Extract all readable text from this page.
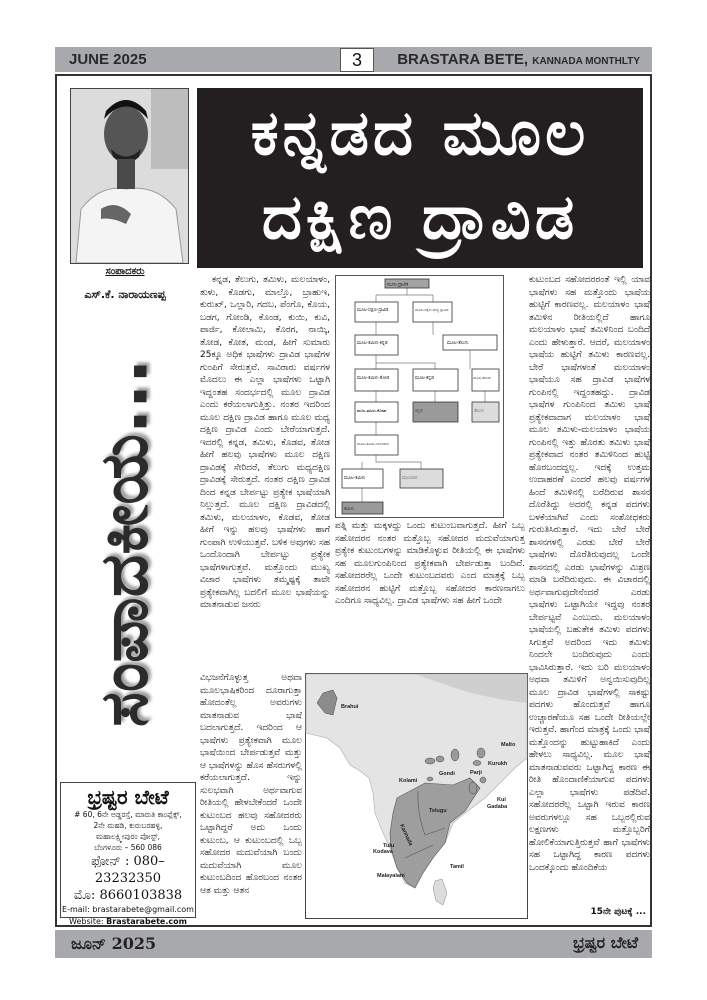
JUNE 2025	3	BRASTARA BETE, KANNADA MONTHLTY
ಕನ್ನಡದ ಮೂಲ
ದಕ್ಷಿಣ ದ್ರಾವಿಡ
ಸಂಪಾದಕರು
ಎಸ್.ಕೆ. ನಾರಾಯಣಪ್ಪ
ಸಂಪಾದಕೀಯ...
ಭ್ರಷ್ಟರ ಬೇಟೆ
# 60, 6ನೇ ಅಡ್ಡರಸ್ತೆ, ಮಾರುತಿ ಕಾಂಪ್ಲೆಕ್ಸ್,
2ನೇ ಮಹಡಿ, ಕುರುಬರಹಳ್ಳಿ,
ಮಹಾಲಕ್ಷ್ಮೀಪುರಂ ಪೋಸ್ಟ್,
ಬೆಂಗಳೂರು – 560 086
ಫೋನ್ : 080–23232350
ಮೊ: 8660103838
E-mail: brastarabete@gmail.com
Website: Brastarabete.com

ಕನ್ನಡ, ತೆಲುಗು, ತಮಿಳು, ಮಲಯಾಳಂ, ತುಳು, ಕೊಡಗು, ಮಾಲ್ತೊ, ಬ್ರಾಹುಇ, ಕುರುಖ್, ಒಲ್ಲಾರಿ, ಗದಬ, ಪೆಂಗೊ, ಕೊಯ, ಬಡಗ, ಗೋಂಡಿ, ಕೊಂಡ, ಕುಯಿ, ಕುವಿ, ಪಾರ್ಜಿ, ಕೋಲಾಮಿ, ಕೊರಗ, ನಾಯ್ಕಿ, ತೋಡ, ಕೋತ, ಮಂಡ, ಹೀಗೆ ಸುಮಾರು 25ಕ್ಕೂ ಅಧಿಕ ಭಾಷೆಗಳು ದ್ರಾವಿಡ ಭಾಷೆಗಳ ಗುಂಪಿಗೆ ಸೇರುತ್ತವೆ. ಸಾವಿರಾರು ವರ್ಷಗಳ ಮೊದಲು ಈ ಎಲ್ಲಾ ಭಾಷೆಗಳು ಒಟ್ಟಾಗಿ ಇದ್ದಂತಹ ಸಂದರ್ಭದಲ್ಲಿ ಮೂಲ ದ್ರಾವಿಡ ಎಂದು ಕರೆಯಲಾಗುತ್ತಿತ್ತು. ನಂತರ ಇದರಿಂದ ಮೂಲ ದಕ್ಷಿಣ ದ್ರಾವಿಡ ಹಾಗೂ ಮೂಲ ಮಧ್ಯ ದಕ್ಷಿಣ ದ್ರಾವಿಡ ಎಂದು ಬೇರೆಯಾಗುತ್ತದೆ. ಇದರಲ್ಲಿ ಕನ್ನಡ, ತಮಿಳು, ಕೊಡವ, ತೋಡ ಹೀಗೆ ಹಲವು ಭಾಷೆಗಳು ಮೂಲ ದಕ್ಷಿಣ ದ್ರಾವಿಡಕ್ಕೆ ಸೇರಿದರೆ, ತೆಲುಗು ಮಧ್ಯದಕ್ಷಿಣ ದ್ರಾವಿಡಕ್ಕೆ ಸೇರುತ್ತದೆ. ನಂತರ ದಕ್ಷಿಣ ದ್ರಾವಿಡ ದಿಂದ ಕನ್ನಡ ಬೇರ್ಪಟ್ಟು ಪ್ರತ್ಯೇಕ ಭಾಷೆಯಾಗಿ ನಿಲ್ಲುತ್ತದೆ. ಮೂಲ ದಕ್ಷಿಣ ದ್ರಾವಿಡದಲ್ಲಿ ತಮಿಳು, ಮಲಯಾಳಂ, ಕೊಡವ, ತೋಡ ಹೀಗೆ ಇನ್ನು ಹಲವು ಭಾಷೆಗಳು ಹಾಗೆ ಗುಂಪಾಗಿ ಉಳಿಯುತ್ತವೆ. ಬಳಿಕ ಅವುಗಳು ಸಹ ಒಂದೊಂದಾಗಿ ಬೇರ್ಪಟ್ಟು ಪ್ರತ್ಯೇಕ ಭಾಷೆಗಳಾಗುತ್ತವೆ. ಮತ್ತೊಂದು ಮುಖ್ಯ ವಿಚಾರ ಭಾಷೆಗಳು ತಮ್ಮಷ್ಟಕ್ಕೆ ತಾವೇ ಪ್ರತ್ಯೇಕವಾಗಿಲ್ಲ ಬದಲಿಗೆ ಮೂಲ ಭಾಷೆಯನ್ನು ಮಾತನಾಡುವ ಜನರು

ವಿಭಜನೆಗೊಳ್ಳುತ್ತ ಅಥವಾ ಮೂಲಭಾಷಿಕರಿಂದ ದೂರಾಗುತ್ತಾ ಹೋದಂತೆಲ್ಲ ಅವರುಗಳು ಮಾತನಾಡುವ ಭಾಷೆ ಬದಲಾಗುತ್ತದೆ. ಇದರಿಂದ ಆ ಭಾಷೆಗಳು ಪ್ರತ್ಯೇಕವಾಗಿ ಮೂಲ ಭಾಷೆಯಿಂದ ಬೇರ್ಪಡುತ್ತವೆ ಮತ್ತು ಆ ಭಾಷೆಗಳನ್ನು ಹೊಸ ಹೆಸರುಗಳಲ್ಲಿ ಕರೆಯಲಾಗುತ್ತದೆ. ಇನ್ನು ಸುಲಭವಾಗಿ ಅರ್ಥವಾಗುವ ರೀತಿಯಲ್ಲಿ ಹೇಳಬೇಕೆಂದರೆ ಒಂದೇ ಕುಟುಂಬದ ಹಲವು ಸಹೋದರರು ಒಟ್ಟಾಗಿದ್ದರೆ ಅದು ಒಂದು ಕುಟುಂಬ, ಆ ಕುಟುಂಬದಲ್ಲಿ ಒಬ್ಬ ಸಹೋದರ ಮದುವೆಯಾಗಿ ಬಂದು ಮದುವೆಯಾಗಿ ಮೂಲ ಕುಟುಂಬದಿಂದ ಹೊರಬಂದ ನಂತರ ಆತ ಮತ್ತು ಆತನ

ಪತ್ನಿ ಮತ್ತು ಮಕ್ಕಳದ್ದು ಒಂದು ಕುಟುಂಬವಾಗುತ್ತದೆ. ಹೀಗೆ ಒಬ್ಬ ಸಹೋದರನ ನಂತರ ಮತ್ತೊಬ್ಬ ಸಹೋದರ ಮದುವೆಯಾಗುತ್ತ ಪ್ರತ್ಯೇಕ ಕುಟುಂಬಗಳನ್ನು ಮಾಡಿಕೊಳ್ಳುವ ರೀತಿಯಲ್ಲಿ ಈ ಭಾಷೆಗಳು ಸಹ ಮೂಲಗುಂಪಿನಿಂದ ಪ್ರತ್ಯೇಕವಾಗಿ ಬೇರ್ಪಡುತ್ತಾ ಬಂದಿವೆ. ಸಹೋದರರೆಲ್ಲ ಒಂದೇ ಕುಟುಂಬದವರು ಎಂದ ಮಾತ್ರಕ್ಕೆ ಒಬ್ಬ ಸಹೋದರನ ಹುಟ್ಟಿಗೆ ಮತ್ತೊಬ್ಬ ಸಹೋದರ ಕಾರಣನಾಗಲು ಎಂದಿಗೂ ಸಾಧ್ಯವಿಲ್ಲ. ದ್ರಾವಿಡ ಭಾಷೆಗಳು ಸಹ ಹೀಗೆ ಒಂದೇ

ಕುಟುಂಬದ ಸಹೋದರರಂತೆ ಇಲ್ಲಿ ಯಾವ ಭಾಷೆಗಳು ಸಹ ಮತ್ತೊಂದು ಭಾಷೆಯ ಹುಟ್ಟಿಗೆ ಕಾರಣವಲ್ಲ. ಮಲಯಾಳಂ ಭಾಷೆ ತಮಿಳಿನ ರೀತಿಯಲ್ಲಿದೆ ಹಾಗೂ ಮಲಯಾಳಂ ಭಾಷೆ ತಮಿಳಿನಿಂದ ಬಂದಿದೆ ಎಂದು ಹೇಳುತ್ತಾರೆ. ಆದರೆ, ಮಲಯಾಳಂ ಭಾಷೆಯ ಹುಟ್ಟಿಗೆ ತಮಿಳು ಕಾರಣವಲ್ಲ. ಬೇರೆ ಭಾಷೆಗಳಂತೆ ಮಲಯಾಳಂ ಭಾಷೆಯೂ ಸಹ ದ್ರಾವಿಡ ಭಾಷೆಗಳ ಗುಂಪಿನಲ್ಲಿ ಇದ್ದಂತಹದ್ದು. ದ್ರಾವಿಡ ಭಾಷೆಗಳ ಗುಂಪಿನಿಂದ ತಮಿಳು ಭಾಷೆ ಪ್ರತ್ಯೇಕವಾದಾಗ ಮಲಯಾಳಂ ಭಾಷೆ ಮೂಲ ತಮಿಳು-ಮಲಯಾಳಂ ಭಾಷೆಯ ಗುಂಪಿನಲ್ಲಿ ಇತ್ತು ಹೊರತು ತಮಿಳು ಭಾಷೆ ಪ್ರತ್ಯೇಕವಾದ ನಂತರ ತಮಿಳಿನಿಂದ ಹುಟ್ಟಿ ಹೊರಬಂದದ್ದಲ್ಲ. ಇದಕ್ಕೆ ಉತ್ತಮ ಉದಾಹರಣೆ ಎಂದರೆ ಹಲವು ವರ್ಷಗಳ ಹಿಂದೆ ತಮಿಳಿನಲ್ಲಿ ಬರೆದಿರುವ ಶಾಸನ ದೊರೆತಿದ್ದು ಅದರಲ್ಲಿ ಕನ್ನಡ ಪದಗಳು ಬಳಕೆಯಾಗಿವೆ ಎಂದು ಸಂಶೋಧಕರು ಗುರುತಿಸಿರುತ್ತಾರೆ. ಇದು ಬೇರೆ ಬೇರೆ ಶಾಸನಗಳಲ್ಲಿ ಎರಡು ಬೇರೆ ಬೇರೆ ಭಾಷೆಗಳು ದೊರೆತಿರುವುದಲ್ಲ ಒಂದೇ ಶಾಸನದಲ್ಲಿ ಎರಡು ಭಾಷೆಗಳನ್ನು ಮಿಶ್ರಣ ಮಾಡಿ ಬರೆದಿರುವುದು. ಈ ವಿಚಾರದಲ್ಲಿ ಅರ್ಥವಾಗುವುದೇನೆಂದರೆ ಎರಡು ಭಾಷೆಗಳು ಒಟ್ಟಾಗಿಯೇ ಇದ್ದವು ನಂತರ ಬೇರ್ಪಟ್ಟವೆ ಎಂಬುದು. ಮಲಯಾಳಂ ಭಾಷೆಯಲ್ಲಿ ಬಹುತೇಕ ತಮಿಳು ಪದಗಳು ಸಿಗುತ್ತವೆ ಅದರಿಂದ ಇದು ತಮಿಳು ನಿಂದಲೇ ಬಂದಿರುವುದು ಎಂದು ಭಾವಿಸಿರುತ್ತಾರೆ. ಇದು ಬರಿ ಮಲಯಾಳಂ ಅಥವಾ ತಮಿಳಿಗೆ ಅನ್ವಯಿಸುವುದಿಲ್ಲ ಮೂಲ ದ್ರಾವಿಡ ಭಾಷೆಗಳಲ್ಲಿ ಸಾಕಷ್ಟು ಪದಗಳು ಹೊಂದುತ್ತವೆ ಹಾಗೂ ಉಚ್ಚಾರಣೆಯೂ ಸಹ ಒಂದೇ ರೀತಿಯಲ್ಲೇ ಇರುತ್ತವೆ. ಹಾಗೆಂದ ಮಾತ್ರಕ್ಕೆ ಒಂದು ಭಾಷೆ ಮತ್ತೊಂದನ್ನು ಹುಟ್ಟುಹಾಕಿದೆ ಎಂದು ಹೇಳಲು ಸಾಧ್ಯವಿಲ್ಲ. ಮೂಲ ಭಾಷೆ ಮಾತನಾಡುವವರು ಒಟ್ಟಾಗಿದ್ದ ಕಾರಣ ಈ ರೀತಿ ಹೊಂದಾಣಿಕೆಯಾಗುವ ಪದಗಳು ಎಲ್ಲಾ ಭಾಷೆಗಳು ಪಡೆದಿವೆ. ಸಹೋದರರೆಲ್ಲ ಒಟ್ಟಾಗಿ ಇರುವ ಕಾರಣ ಅವರುಗಳಲ್ಲೂ ಸಹ ಒಬ್ಬರಲ್ಲಿರುವ ಲಕ್ಷಣಗಳು ಮತ್ತೊಬ್ಬರಿಗೆ ಹೋಲಿಕೆಯಾಗುತ್ತಿರುತ್ತವೆ ಹಾಗೆ ಭಾಷೆಗಳು ಸಹ ಒಟ್ಟಾಗಿದ್ದ ಕಾರಣ ಪದಗಳು ಒಂದಕ್ಕೊಂದು ಹೊಂದಿಕೆಯ

15ನೇ ಪುಟಕ್ಕೆ ...
ಮೂಲ-ದ್ರಾವಿಡ
ಮೂಲ-ದಕ್ಷಿಣ-ದ್ರಾವಿಡ	ಮೂಲ-ದಕ್ಷಿಣ-ಮಧ್ಯ ದ್ರಾವಿಡ
ಮೂಲ-ತಮಿಳು-ಕನ್ನಡ	ಮೂಲ-ತೆಲುಗು
ಮೂಲ-ತಮಿಳು-ತೋಡ	ಮೂಲ-ಕನ್ನಡ	ಮೂಲ-ತೆಲುಗು
ಕನ್ನಡ	ತೆಲುಗು
ಮೂಲ-ತಮಿಳು-ಕೊಡವ
ಮೂಲ-ತಮಿಳು-ಮಲಯಾಳ
ಮೂಲ-ತಮಿಳು	ಮಲಯಾಳ
ತಮಿಳು
Brahui
Malto
Kurukh
Gondi	Parji
Kolami
Kui
Gadaba
Telugu
Kannada
Tulu
Kodava
Tamil
Malayalam
ಜೂನ್ 2025	ಭ್ರಷ್ಟರ ಬೇಟೆ
